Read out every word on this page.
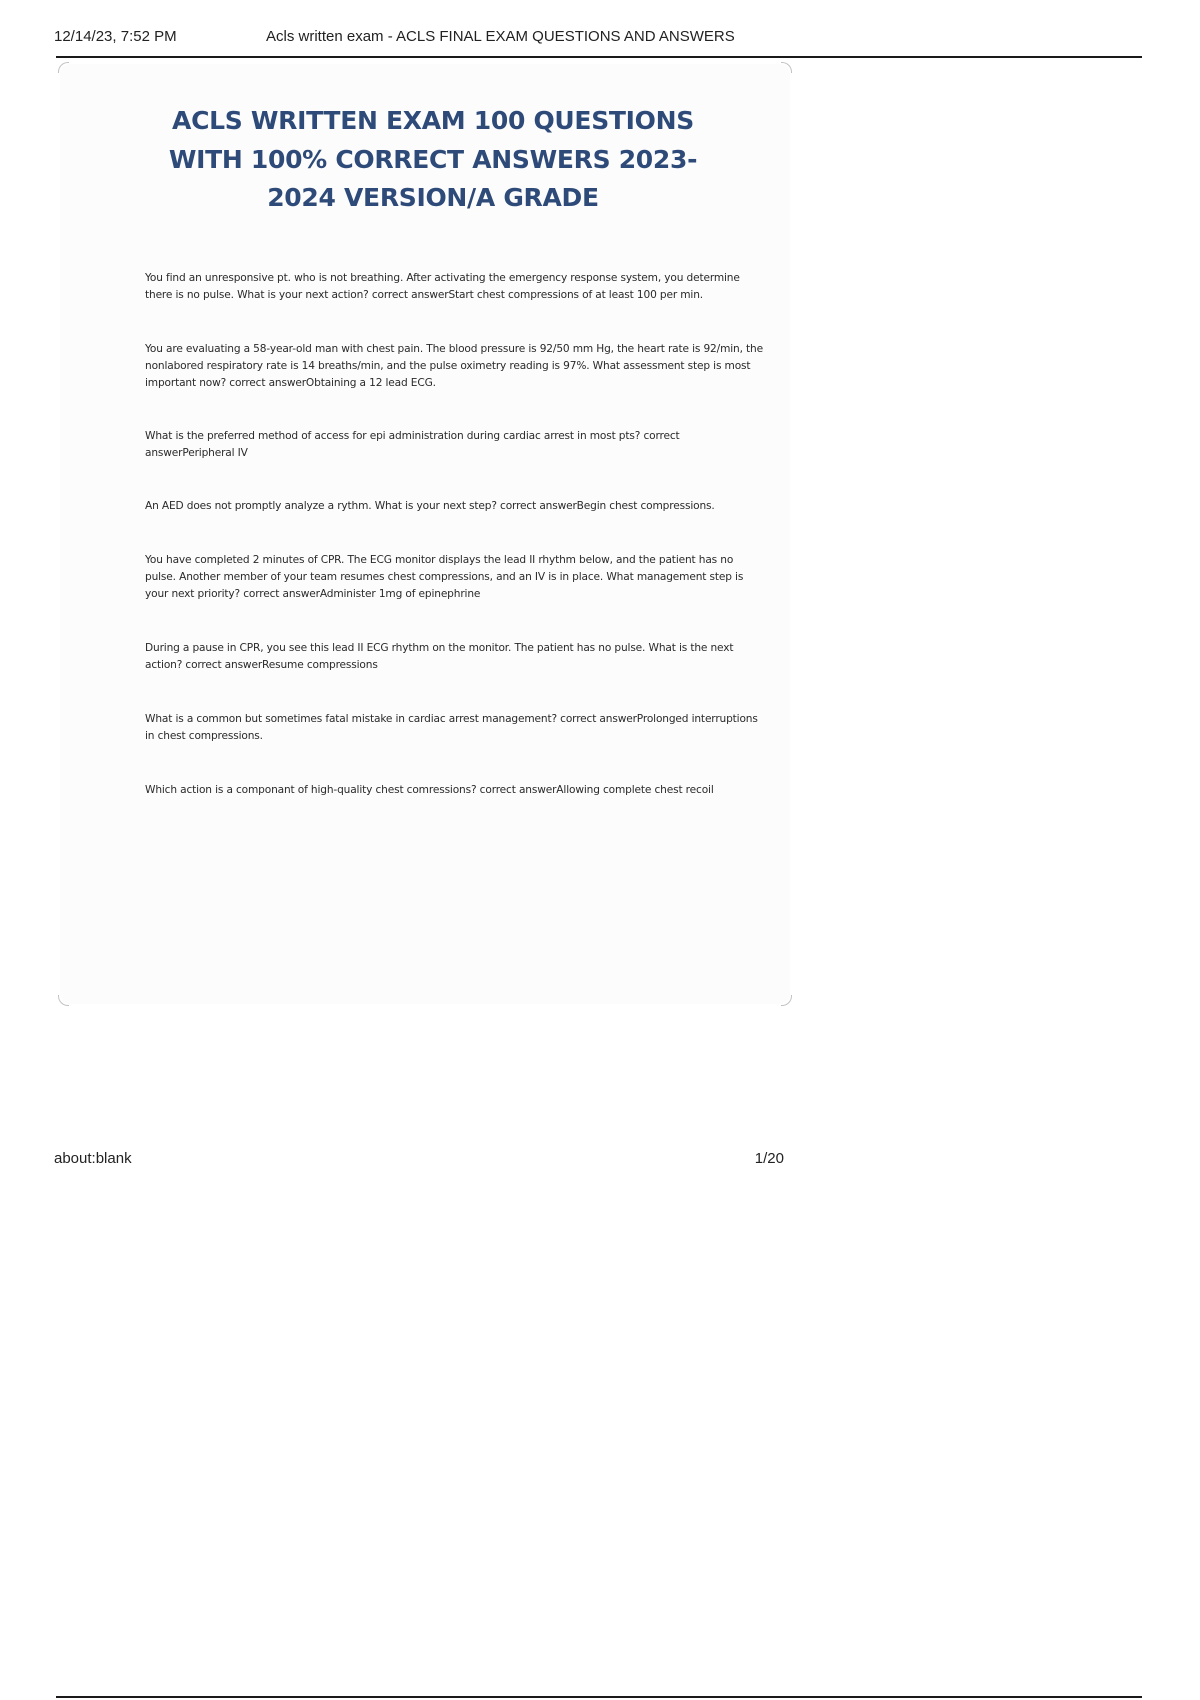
12/14/23, 7:52 PM	Acls written exam - ACLS FINAL EXAM QUESTIONS AND ANSWERS
ACLS WRITTEN EXAM 100 QUESTIONS WITH 100% CORRECT ANSWERS 2023-2024 VERSION/A GRADE
You find an unresponsive pt. who is not breathing. After activating the emergency response system, you determine there is no pulse. What is your next action? correct answerStart chest compressions of at least 100 per min.
You are evaluating a 58-year-old man with chest pain. The blood pressure is 92/50 mm Hg, the heart rate is 92/min, the nonlabored respiratory rate is 14 breaths/min, and the pulse oximetry reading is 97%. What assessment step is most important now? correct answerObtaining a 12 lead ECG.
What is the preferred method of access for epi administration during cardiac arrest in most pts? correct answerPeripheral IV
An AED does not promptly analyze a rythm. What is your next step? correct answerBegin chest compressions.
You have completed 2 minutes of CPR. The ECG monitor displays the lead II rhythm below, and the patient has no pulse. Another member of your team resumes chest compressions, and an IV is in place. What management step is your next priority? correct answerAdminister 1mg of epinephrine
During a pause in CPR, you see this lead II ECG rhythm on the monitor. The patient has no pulse. What is the next action? correct answerResume compressions
What is a common but sometimes fatal mistake in cardiac arrest management? correct answerProlonged interruptions in chest compressions.
Which action is a componant of high-quality chest comressions? correct answerAllowing complete chest recoil
about:blank	1/20
